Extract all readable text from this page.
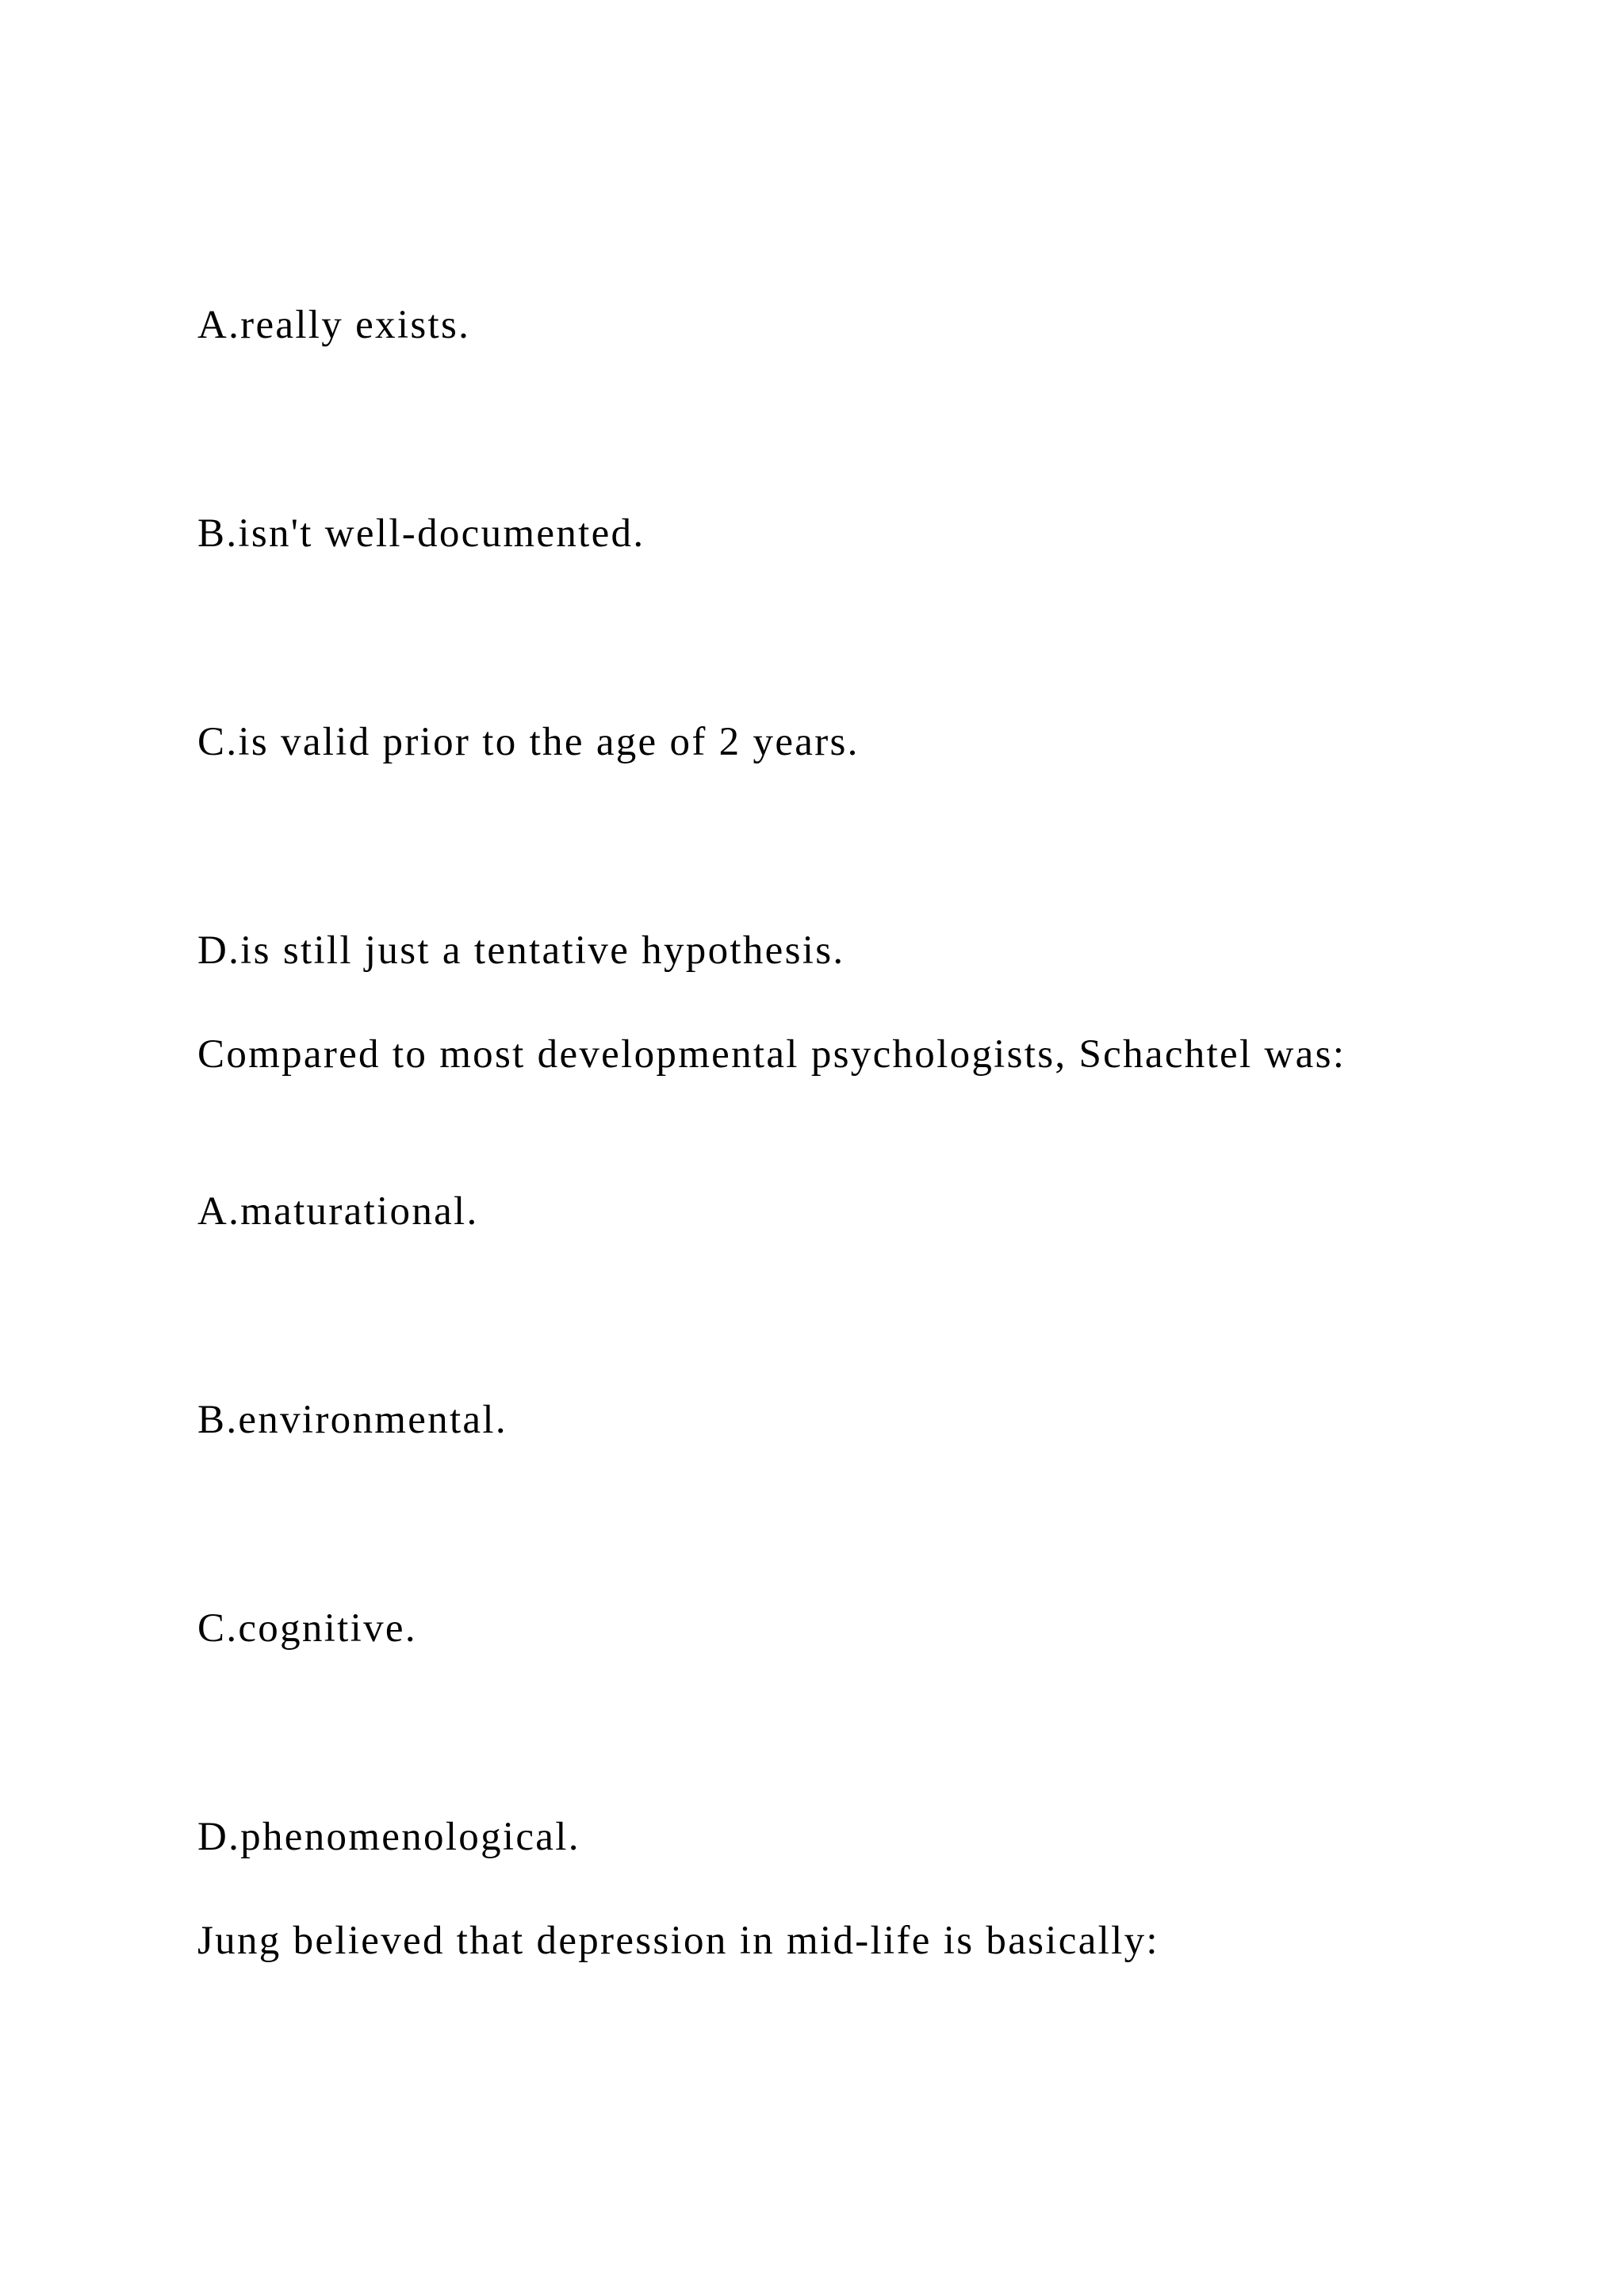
A.really exists.

B.isn't well-documented.

C.is valid prior to the age of 2 years.

D.is still just a tentative hypothesis.

Compared to most developmental psychologists, Schachtel was:

A.maturational.

B.environmental.

C.cognitive.

D.phenomenological.

Jung believed that depression in mid-life is basically:
